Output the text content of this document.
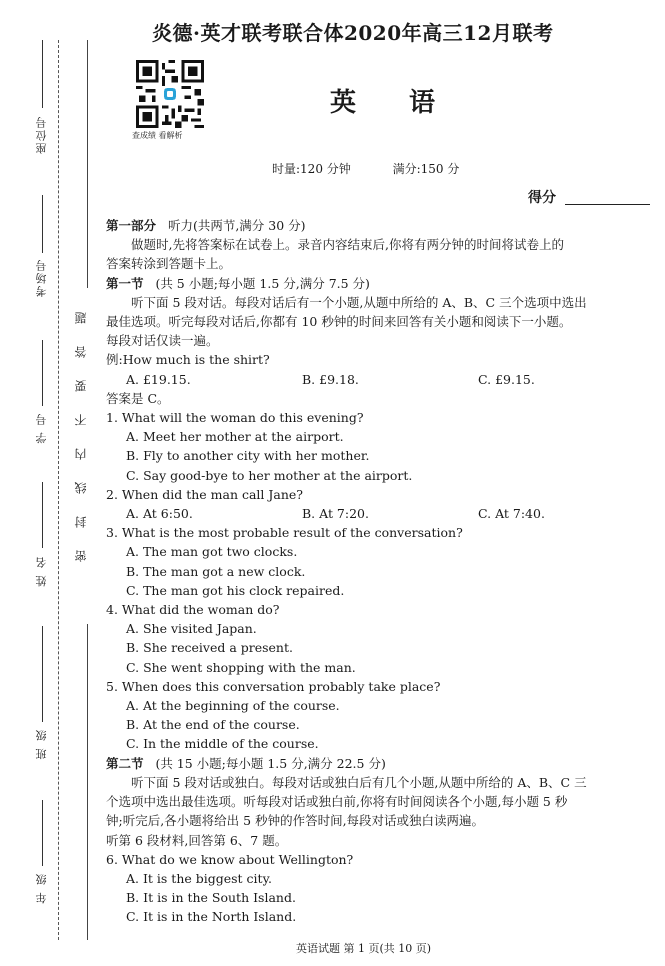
座位号
考场号
学 号
姓 名
班 级
年 级
密封线内不要答题
炎德·英才联考联合体2020年高三12月联考
查成绩 看解析
英 语
时量:120 分钟	满分:150 分
得分

第一部分 听力(共两节,满分 30 分)

做题时,先将答案标在试卷上。录音内容结束后,你将有两分钟的时间将试卷上的

答案转涂到答题卡上。

第一节 (共 5 小题;每小题 1.5 分,满分 7.5 分)

听下面 5 段对话。每段对话后有一个小题,从题中所给的 A、B、C 三个选项中选出

最佳选项。听完每段对话后,你都有 10 秒钟的时间来回答有关小题和阅读下一小题。

每段对话仅读一遍。

例:How much is the shirt?

A. £19.15.	B. £9.18.	C. £9.15.

答案是 C。

1. What will the woman do this evening?

A. Meet her mother at the airport.

B. Fly to another city with her mother.

C. Say good-bye to her mother at the airport.

2. When did the man call Jane?

A. At 6:50.	B. At 7:20.	C. At 7:40.

3. What is the most probable result of the conversation?

A. The man got two clocks.

B. The man got a new clock.

C. The man got his clock repaired.

4. What did the woman do?

A. She visited Japan.

B. She received a present.

C. She went shopping with the man.

5. When does this conversation probably take place?

A. At the beginning of the course.

B. At the end of the course.

C. In the middle of the course.

第二节 (共 15 小题;每小题 1.5 分,满分 22.5 分)

听下面 5 段对话或独白。每段对话或独白后有几个小题,从题中所给的 A、B、C 三

个选项中选出最佳选项。听每段对话或独白前,你将有时间阅读各个小题,每小题 5 秒

钟;听完后,各小题将给出 5 秒钟的作答时间,每段对话或独白读两遍。

听第 6 段材料,回答第 6、7 题。

6. What do we know about Wellington?

A. It is the biggest city.

B. It is in the South Island.

C. It is in the North Island.

英语试题 第 1 页(共 10 页)
